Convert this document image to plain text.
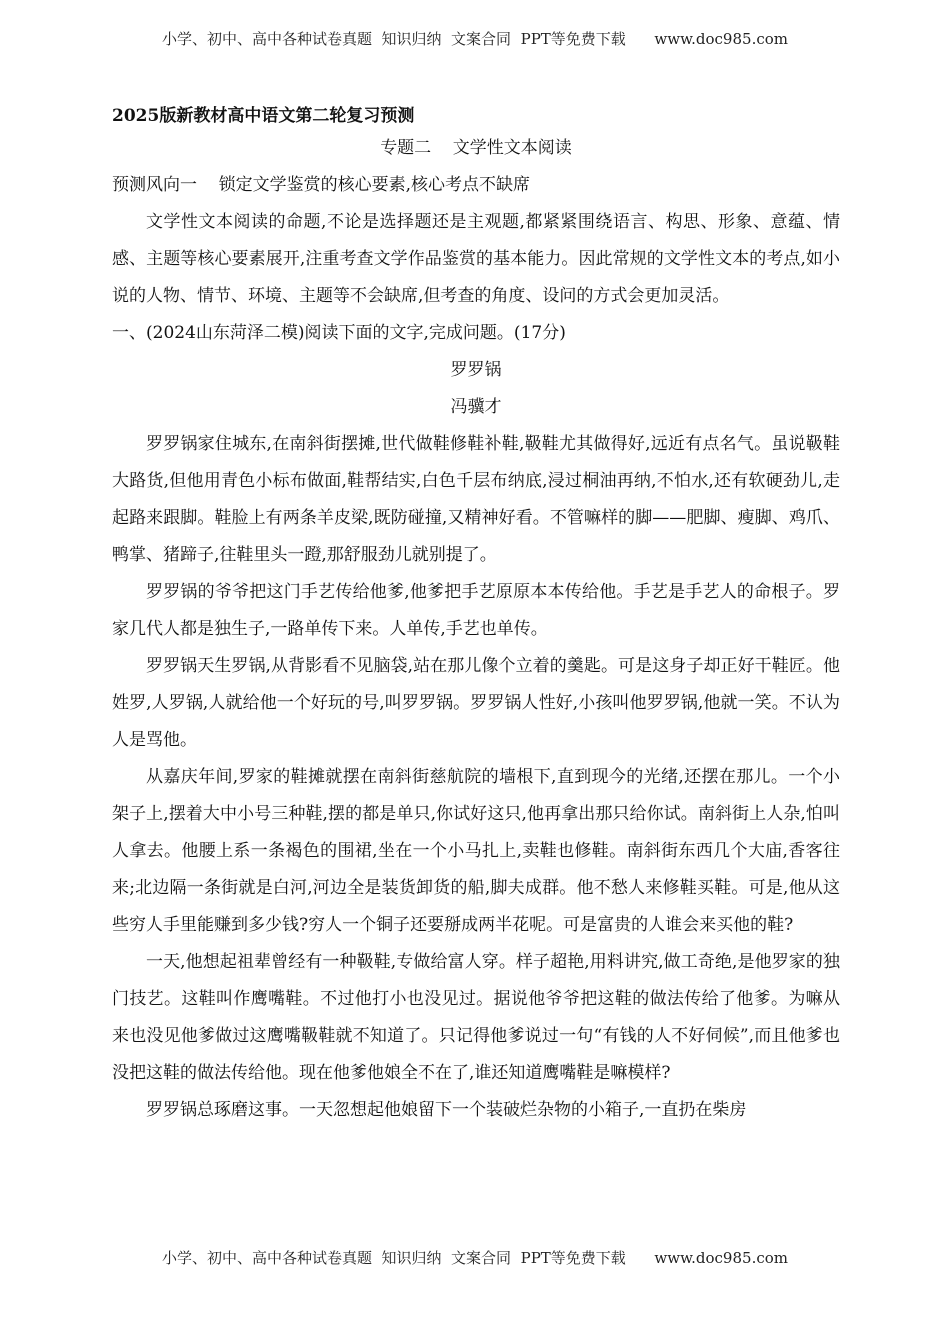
小学、初中、高中各种试卷真题  知识归纳  文案合同  PPT等免费下载      www.doc985.com

2025版新教材高中语文第二轮复习预测

专题二    文学性文本阅读

预测风向一    锁定文学鉴赏的核心要素,核心考点不缺席

文学性文本阅读的命题,不论是选择题还是主观题,都紧紧围绕语言、构思、形象、意蕴、情感、主题等核心要素展开,注重考查文学作品鉴赏的基本能力。因此常规的文学性文本的考点,如小说的人物、情节、环境、主题等不会缺席,但考查的角度、设问的方式会更加灵活。

一、(2024山东菏泽二模)阅读下面的文字,完成问题。(17分)

罗罗锅

冯骥才

罗罗锅家住城东,在南斜街摆摊,世代做鞋修鞋补鞋,靸鞋尤其做得好,远近有点名气。虽说靸鞋大路货,但他用青色小标布做面,鞋帮结实,白色千层布纳底,浸过桐油再纳,不怕水,还有软硬劲儿,走起路来跟脚。鞋脸上有两条羊皮梁,既防碰撞,又精神好看。不管嘛样的脚——肥脚、瘦脚、鸡爪、鸭掌、猪蹄子,往鞋里头一蹬,那舒服劲儿就别提了。

罗罗锅的爷爷把这门手艺传给他爹,他爹把手艺原原本本传给他。手艺是手艺人的命根子。罗家几代人都是独生子,一路单传下来。人单传,手艺也单传。

罗罗锅天生罗锅,从背影看不见脑袋,站在那儿像个立着的羹匙。可是这身子却正好干鞋匠。他姓罗,人罗锅,人就给他一个好玩的号,叫罗罗锅。罗罗锅人性好,小孩叫他罗罗锅,他就一笑。不认为人是骂他。

从嘉庆年间,罗家的鞋摊就摆在南斜街慈航院的墙根下,直到现今的光绪,还摆在那儿。一个小架子上,摆着大中小号三种鞋,摆的都是单只,你试好这只,他再拿出那只给你试。南斜街上人杂,怕叫人拿去。他腰上系一条褐色的围裙,坐在一个小马扎上,卖鞋也修鞋。南斜街东西几个大庙,香客往来;北边隔一条街就是白河,河边全是装货卸货的船,脚夫成群。他不愁人来修鞋买鞋。可是,他从这些穷人手里能赚到多少钱?穷人一个铜子还要掰成两半花呢。可是富贵的人谁会来买他的鞋?

一天,他想起祖辈曾经有一种靸鞋,专做给富人穿。样子超艳,用料讲究,做工奇绝,是他罗家的独门技艺。这鞋叫作鹰嘴鞋。不过他打小也没见过。据说他爷爷把这鞋的做法传给了他爹。为嘛从来也没见他爹做过这鹰嘴靸鞋就不知道了。只记得他爹说过一句“有钱的人不好伺候”,而且他爹也没把这鞋的做法传给他。现在他爹他娘全不在了,谁还知道鹰嘴鞋是嘛模样?

罗罗锅总琢磨这事。一天忽想起他娘留下一个装破烂杂物的小箱子,一直扔在柴房

小学、初中、高中各种试卷真题  知识归纳  文案合同  PPT等免费下载      www.doc985.com
